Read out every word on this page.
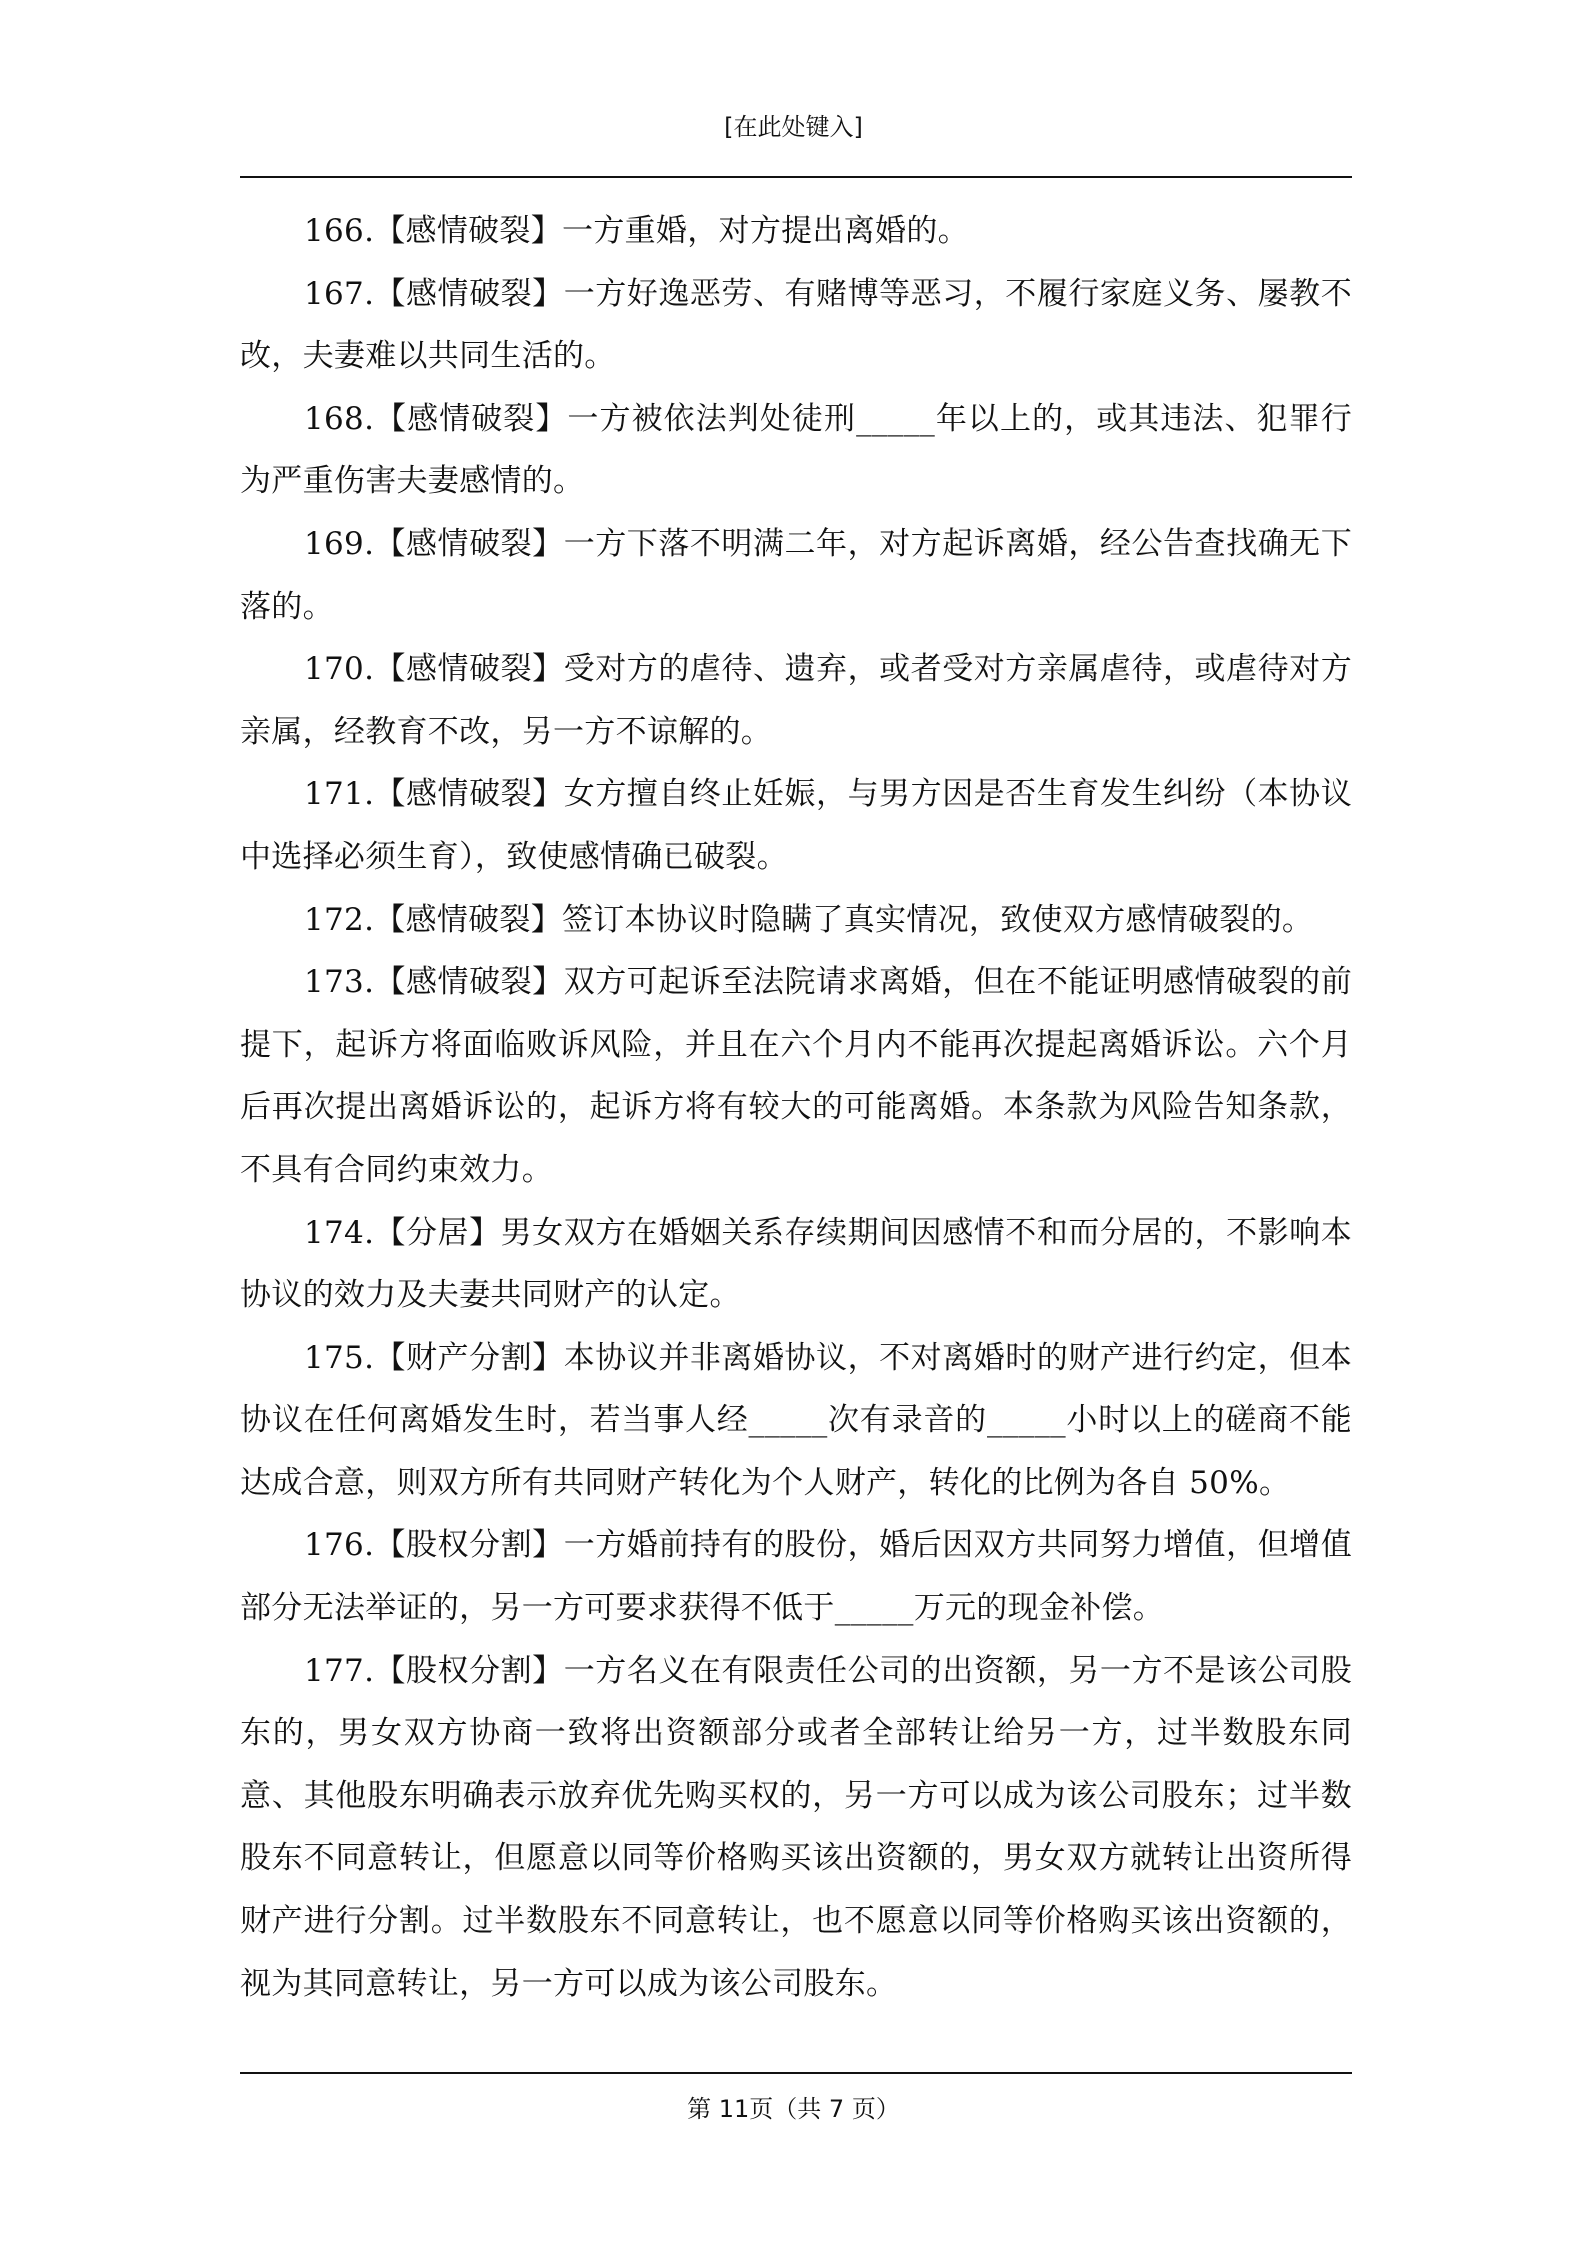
[在此处键入]

166.【感情破裂】一方重婚，对方提出离婚的。

167.【感情破裂】一方好逸恶劳、有赌博等恶习，不履行家庭义务、屡教不改，夫妻难以共同生活的。

168.【感情破裂】一方被依法判处徒刑_____年以上的，或其违法、犯罪行为严重伤害夫妻感情的。

169.【感情破裂】一方下落不明满二年，对方起诉离婚，经公告查找确无下落的。

170.【感情破裂】受对方的虐待、遗弃，或者受对方亲属虐待，或虐待对方亲属，经教育不改，另一方不谅解的。

171.【感情破裂】女方擅自终止妊娠，与男方因是否生育发生纠纷（本协议中选择必须生育），致使感情确已破裂。

172.【感情破裂】签订本协议时隐瞒了真实情况，致使双方感情破裂的。

173.【感情破裂】双方可起诉至法院请求离婚，但在不能证明感情破裂的前提下，起诉方将面临败诉风险，并且在六个月内不能再次提起离婚诉讼。六个月后再次提出离婚诉讼的，起诉方将有较大的可能离婚。本条款为风险告知条款，不具有合同约束效力。

174.【分居】男女双方在婚姻关系存续期间因感情不和而分居的，不影响本协议的效力及夫妻共同财产的认定。

175.【财产分割】本协议并非离婚协议，不对离婚时的财产进行约定，但本协议在任何离婚发生时，若当事人经_____次有录音的_____小时以上的磋商不能达成合意，则双方所有共同财产转化为个人财产，转化的比例为各自 50%。

176.【股权分割】一方婚前持有的股份，婚后因双方共同努力增值，但增值部分无法举证的，另一方可要求获得不低于_____万元的现金补偿。

177.【股权分割】一方名义在有限责任公司的出资额，另一方不是该公司股东的，男女双方协商一致将出资额部分或者全部转让给另一方，过半数股东同意、其他股东明确表示放弃优先购买权的，另一方可以成为该公司股东；过半数股东不同意转让，但愿意以同等价格购买该出资额的，男女双方就转让出资所得财产进行分割。过半数股东不同意转让，也不愿意以同等价格购买该出资额的，视为其同意转让，另一方可以成为该公司股东。

第 11页（共 7 页）
